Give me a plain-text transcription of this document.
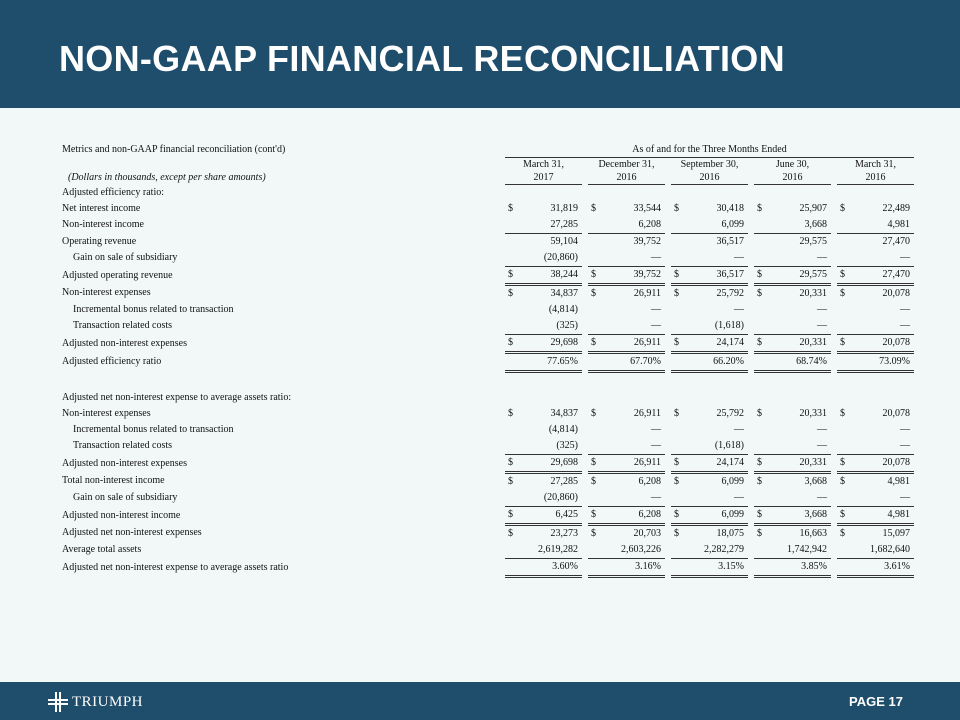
NON-GAAP FINANCIAL RECONCILIATION
Metrics and non-GAAP financial reconciliation (cont'd)	As of and for the Three Months Ended													
	March 31,			December 31,			September 30,			June 30,			March 31,	
(Dollars in thousands, except per share amounts)	2017			2016			2016			2016			2016	
Adjusted efficiency ratio:														
Net interest income	$	31,819		$	33,544		$	30,418		$	25,907		$	22,489
Non-interest income		27,285			6,208			6,099			3,668			4,981
Operating revenue		59,104			39,752			36,517			29,575			27,470
Gain on sale of subsidiary		(20,860)			—			—			—			—
Adjusted operating revenue	$	38,244		$	39,752		$	36,517		$	29,575		$	27,470
Non-interest expenses	$	34,837		$	26,911		$	25,792		$	20,331		$	20,078
Incremental bonus related to transaction		(4,814)			—			—			—			—
Transaction related costs		(325)			—			(1,618)			—			—
Adjusted non-interest expenses	$	29,698		$	26,911		$	24,174		$	20,331		$	20,078
Adjusted efficiency ratio		77.65%			67.70%			66.20%			68.74%			73.09%

Adjusted net non-interest expense to average assets ratio:														
Non-interest expenses	$	34,837		$	26,911		$	25,792		$	20,331		$	20,078
Incremental bonus related to transaction		(4,814)			—			—			—			—
Transaction related costs		(325)			—			(1,618)			—			—
Adjusted non-interest expenses	$	29,698		$	26,911		$	24,174		$	20,331		$	20,078
Total non-interest income	$	27,285		$	6,208		$	6,099		$	3,668		$	4,981
Gain on sale of subsidiary		(20,860)			—			—			—			—
Adjusted non-interest income	$	6,425		$	6,208		$	6,099		$	3,668		$	4,981
Adjusted net non-interest expenses	$	23,273		$	20,703		$	18,075		$	16,663		$	15,097
Average total assets		2,619,282			2,603,226			2,282,279			1,742,942			1,682,640
Adjusted net non-interest expense to average assets ratio		3.60%			3.16%			3.15%			3.85%			3.61%
TRIUMPH	PAGE 17
